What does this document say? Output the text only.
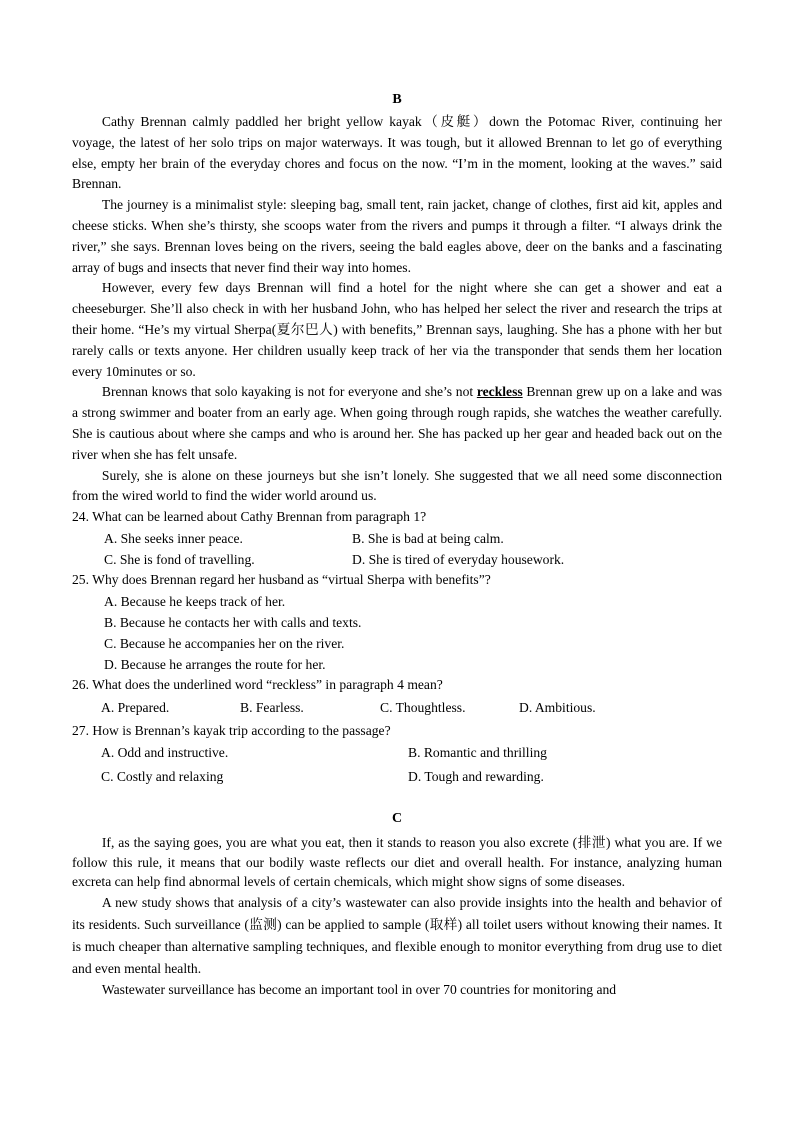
B

Cathy Brennan calmly paddled her bright yellow kayak（皮艇）down the Potomac River, continuing her voyage, the latest of her solo trips on major waterways. It was tough, but it allowed Brennan to let go of everything else, empty her brain of the everyday chores and focus on the now. “I’m in the moment, looking at the waves.” said Brennan.

The journey is a minimalist style: sleeping bag, small tent, rain jacket, change of clothes, first aid kit, apples and cheese sticks. When she’s thirsty, she scoops water from the rivers and pumps it through a filter. “I always drink the river,” she says. Brennan loves being on the rivers, seeing the bald eagles above, deer on the banks and a fascinating array of bugs and insects that never find their way into homes.

However, every few days Brennan will find a hotel for the night where she can get a shower and eat a cheeseburger. She’ll also check in with her husband John, who has helped her select the river and research the trips at their home. “He’s my virtual Sherpa(夏尔巴人) with benefits,” Brennan says, laughing. She has a phone with her but rarely calls or texts anyone. Her children usually keep track of her via the transponder that sends them her location every 10minutes or so.

Brennan knows that solo kayaking is not for everyone and she’s not reckless Brennan grew up on a lake and was a strong swimmer and boater from an early age. When going through rough rapids, she watches the weather carefully. She is cautious about where she camps and who is around her. She has packed up her gear and headed back out on the river when she has felt unsafe.

Surely, she is alone on these journeys but she isn’t lonely. She suggested that we all need some disconnection from the wired world to find the wider world around us.

24. What can be learned about Cathy Brennan from paragraph 1?

A. She seeks inner peace.	B. She is bad at being calm.
C. She is fond of travelling.	D. She is tired of everyday housework.

25. Why does Brennan regard her husband as “virtual Sherpa with benefits”?

A. Because he keeps track of her.
B. Because he contacts her with calls and texts.
C. Because he accompanies her on the river.
D. Because he arranges the route for her.

26. What does the underlined word “reckless” in paragraph 4 mean?

A. Prepared.	B. Fearless.	C. Thoughtless.	D. Ambitious.

27. How is Brennan’s kayak trip according to the passage?

A. Odd and instructive.	B. Romantic and thrilling
C. Costly and relaxing	D. Tough and rewarding.

C

If, as the saying goes, you are what you eat, then it stands to reason you also excrete (排泄) what you are. If we follow this rule, it means that our bodily waste reflects our diet and overall health. For instance, analyzing human excreta can help find abnormal levels of certain chemicals, which might show signs of some diseases.

A new study shows that analysis of a city’s wastewater can also provide insights into the health and behavior of its residents. Such surveillance (监测) can be applied to sample (取样) all toilet users without knowing their names. It is much cheaper than alternative sampling techniques, and flexible enough to monitor everything from drug use to diet and even mental health.

Wastewater surveillance has become an important tool in over 70 countries for monitoring and
